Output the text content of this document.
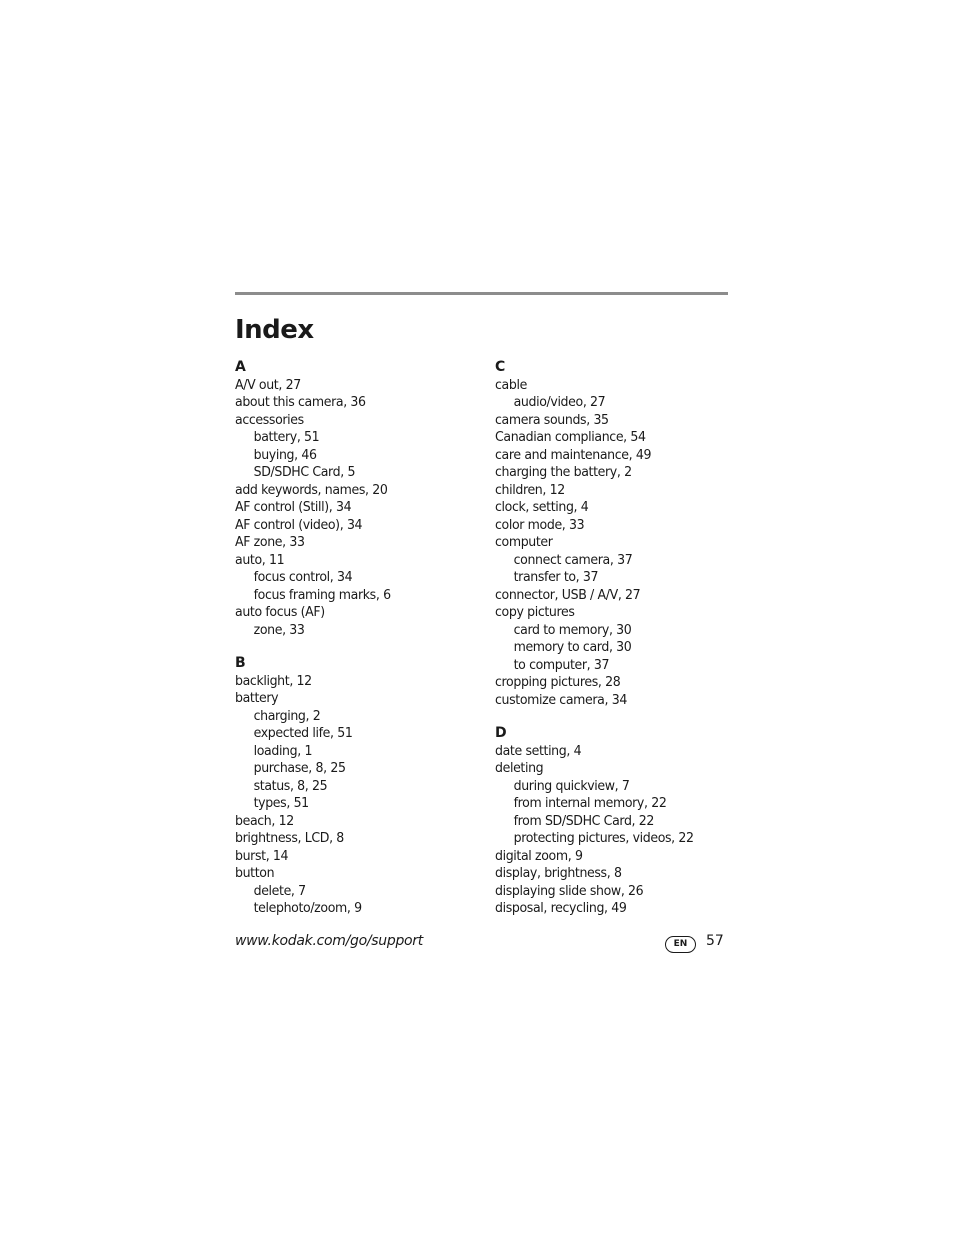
Index
A
A/V out, 27
about this camera, 36
accessories
battery, 51
buying, 46
SD/SDHC Card, 5
add keywords, names, 20
AF control (Still), 34
AF control (video), 34
AF zone, 33
auto, 11
focus control, 34
focus framing marks, 6
auto focus (AF)
zone, 33
B
backlight, 12
battery
charging, 2
expected life, 51
loading, 1
purchase, 8, 25
status, 8, 25
types, 51
beach, 12
brightness, LCD, 8
burst, 14
button
delete, 7
telephoto/zoom, 9
C
cable
audio/video, 27
camera sounds, 35
Canadian compliance, 54
care and maintenance, 49
charging the battery, 2
children, 12
clock, setting, 4
color mode, 33
computer
connect camera, 37
transfer to, 37
connector, USB / A/V, 27
copy pictures
card to memory, 30
memory to card, 30
to computer, 37
cropping pictures, 28
customize camera, 34
D
date setting, 4
deleting
during quickview, 7
from internal memory, 22
from SD/SDHC Card, 22
protecting pictures, videos, 22
digital zoom, 9
display, brightness, 8
displaying slide show, 26
disposal, recycling, 49
www.kodak.com/go/support	EN	57
